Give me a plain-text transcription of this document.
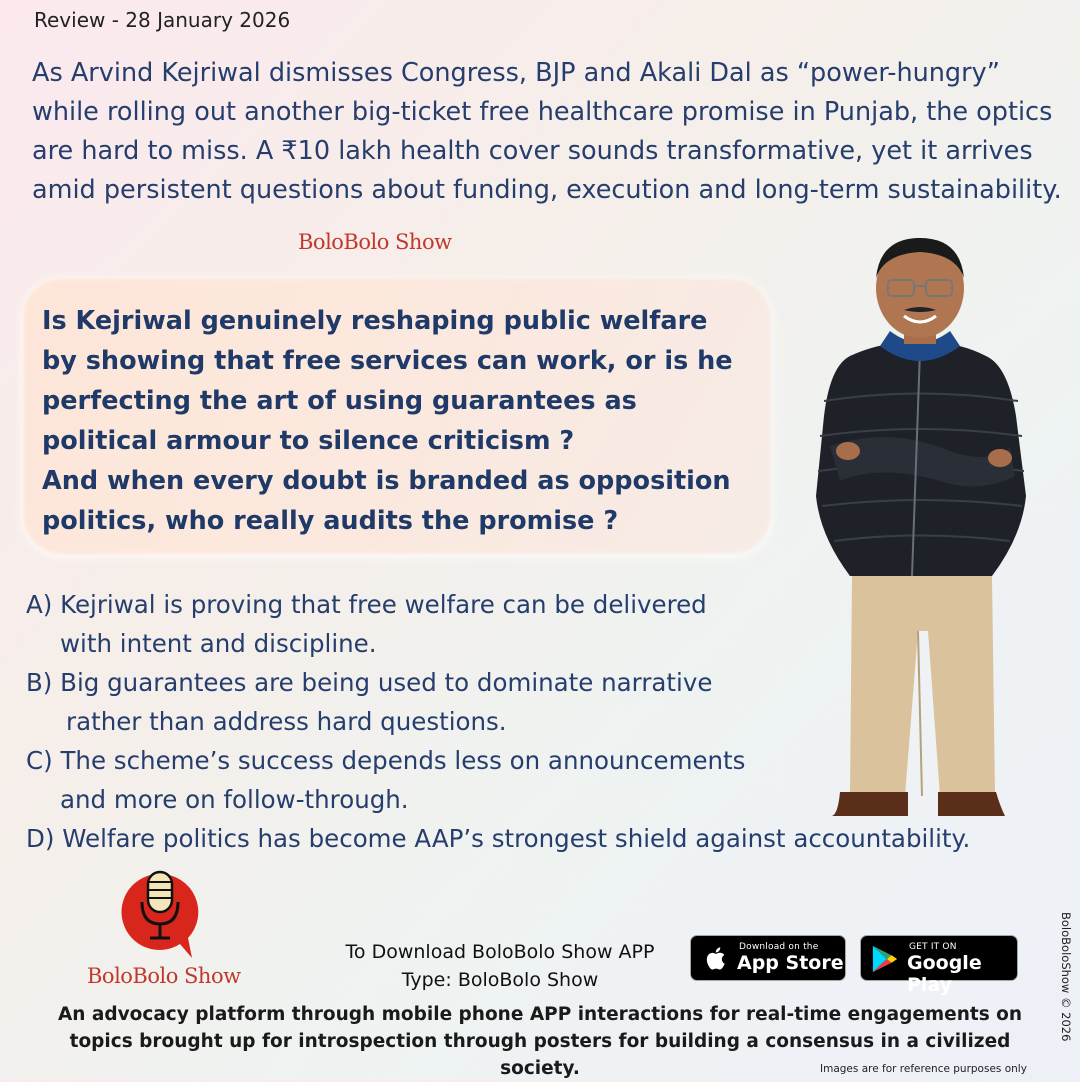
Review - 28 January 2026
As Arvind Kejriwal dismisses Congress, BJP and Akali Dal as “power-hungry” while rolling out another big-ticket free healthcare promise in Punjab, the optics are hard to miss. A ₹10 lakh health cover sounds transformative, yet it arrives amid persistent questions about funding, execution and long-term sustainability.
BoloBolo Show
Is Kejriwal genuinely reshaping public welfare by showing that free services can work, or is he perfecting the art of using guarantees as political armour to silence criticism ?
And when every doubt is branded as opposition politics, who really audits the promise ?
A) Kejriwal is proving that free welfare can be delivered
with intent and discipline.
B) Big guarantees are being used to dominate narrative
rather than address hard questions.
C) The scheme’s success depends less on announcements
and more on follow-through.
D) Welfare politics has become AAP’s strongest shield against accountability.
BoloBolo Show
To Download BoloBolo Show APP
Type: BoloBolo Show
Download on the
App Store
GET IT ON
Google Play
An advocacy platform through mobile phone APP interactions for real-time engagements on topics brought up for introspection through posters for building a consensus in a civilized society.
BoloBoloShow © 2026
Images are for reference purposes only
